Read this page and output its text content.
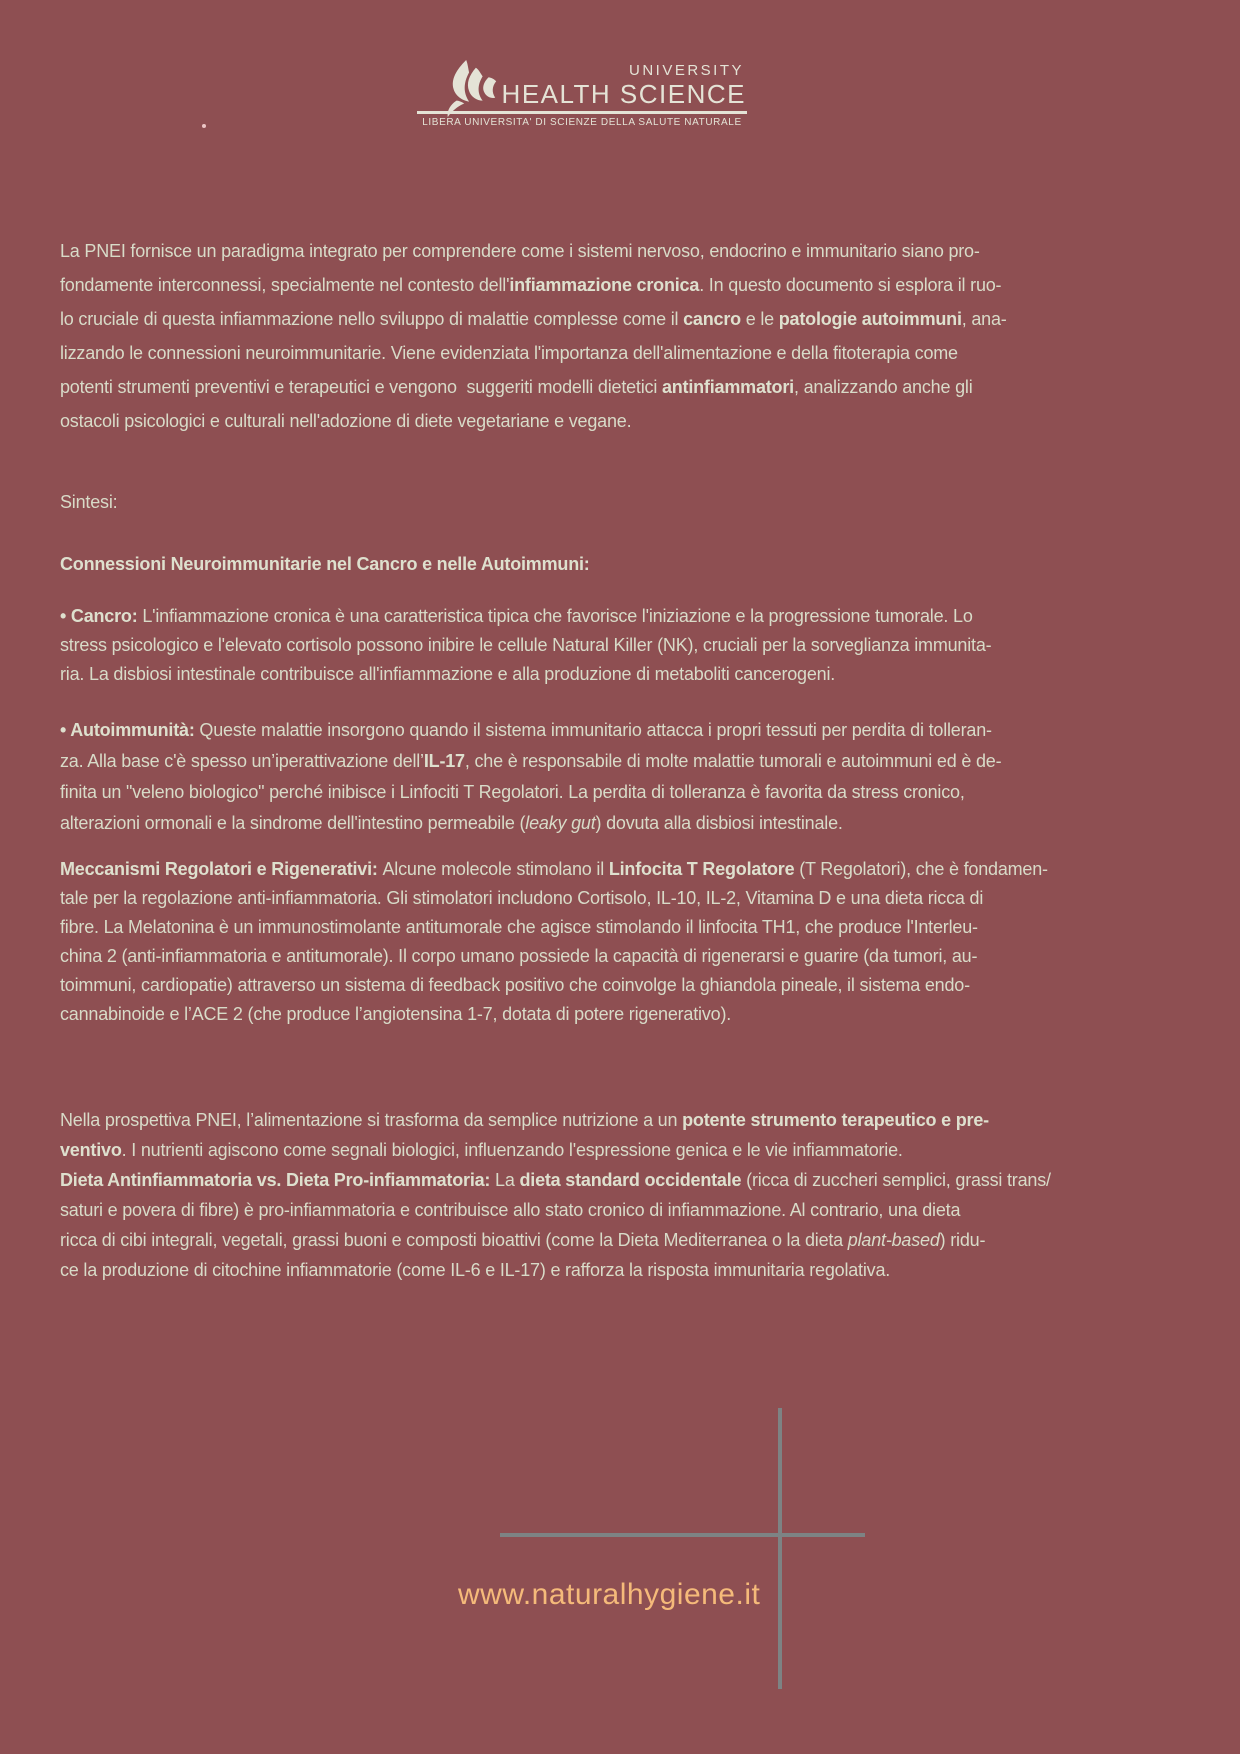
UNIVERSITY
HEALTH SCIENCE
LIBERA UNIVERSITA' DI SCIENZE DELLA SALUTE NATURALE
La PNEI fornisce un paradigma integrato per comprendere come i sistemi nervoso, endocrino e immunitario siano pro-
fondamente interconnessi, specialmente nel contesto dell'infiammazione cronica. In questo documento si esplora il ruo-
lo cruciale di questa infiammazione nello sviluppo di malattie complesse come il cancro e le patologie autoimmuni, ana-
lizzando le connessioni neuroimmunitarie. Viene evidenziata l'importanza dell'alimentazione e della fitoterapia come
potenti strumenti preventivi e terapeutici e vengono  suggeriti modelli dietetici antinfiammatori, analizzando anche gli
ostacoli psicologici e culturali nell'adozione di diete vegetariane e vegane.
Sintesi:
Connessioni Neuroimmunitarie nel Cancro e nelle Autoimmuni:
• Cancro: L'infiammazione cronica è una caratteristica tipica che favorisce l'iniziazione e la progressione tumorale. Lo
stress psicologico e l'elevato cortisolo possono inibire le cellule Natural Killer (NK), cruciali per la sorveglianza immunita-
ria. La disbiosi intestinale contribuisce all'infiammazione e alla produzione di metaboliti cancerogeni.
• Autoimmunità: Queste malattie insorgono quando il sistema immunitario attacca i propri tessuti per perdita di tolleran-
za. Alla base c'è spesso un’iperattivazione dell’IL-17, che è responsabile di molte malattie tumorali e autoimmuni ed è de-
finita un "veleno biologico" perché inibisce i Linfociti T Regolatori. La perdita di tolleranza è favorita da stress cronico,
alterazioni ormonali e la sindrome dell'intestino permeabile (leaky gut) dovuta alla disbiosi intestinale.
Meccanismi Regolatori e Rigenerativi: Alcune molecole stimolano il Linfocita T Regolatore (T Regolatori), che è fondamen-
tale per la regolazione anti-infiammatoria. Gli stimolatori includono Cortisolo, IL-10, IL-2, Vitamina D e una dieta ricca di
fibre. La Melatonina è un immunostimolante antitumorale che agisce stimolando il linfocita TH1, che produce l'Interleu-
china 2 (anti-infiammatoria e antitumorale). Il corpo umano possiede la capacità di rigenerarsi e guarire (da tumori, au-
toimmuni, cardiopatie) attraverso un sistema di feedback positivo che coinvolge la ghiandola pineale, il sistema endo-
cannabinoide e l’ACE 2 (che produce l’angiotensina 1-7, dotata di potere rigenerativo).
Nella prospettiva PNEI, l’alimentazione si trasforma da semplice nutrizione a un potente strumento terapeutico e pre-
ventivo. I nutrienti agiscono come segnali biologici, influenzando l'espressione genica e le vie infiammatorie.
Dieta Antinfiammatoria vs. Dieta Pro-infiammatoria: La dieta standard occidentale (ricca di zuccheri semplici, grassi trans/
saturi e povera di fibre) è pro-infiammatoria e contribuisce allo stato cronico di infiammazione. Al contrario, una dieta
ricca di cibi integrali, vegetali, grassi buoni e composti bioattivi (come la Dieta Mediterranea o la dieta plant-based) ridu-
ce la produzione di citochine infiammatorie (come IL-6 e IL-17) e rafforza la risposta immunitaria regolativa.
www.naturalhygiene.it
